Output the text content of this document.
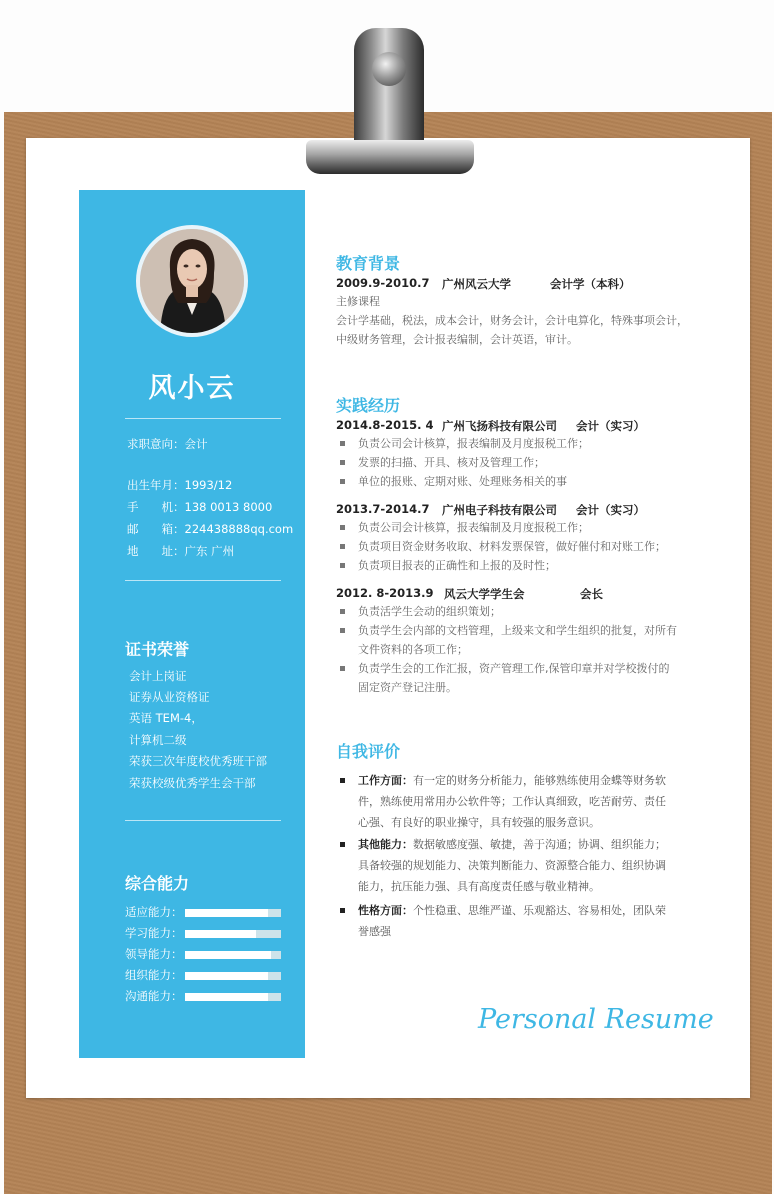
风小云
求职意向：会计
出生年月：1993/12
手　　机：138 0013 8000
邮　　箱：224438888qq.com
地　　址：广东 广州
证书荣誉
会计上岗证
证券从业资格证
英语 TEM-4，
计算机二级
荣获三次年度校优秀班干部
荣获校级优秀学生会干部
综合能力
适应能力：
学习能力：
领导能力：
组织能力：
沟通能力：
教育背景
2009.9-2010.7 广州风云大学	会计学（本科）
主修课程
会计学基础，税法，成本会计，财务会计，会计电算化，特殊事项会计，
中级财务管理，会计报表编制，会计英语，审计。
实践经历
2014.8-2015. 4 广州飞扬科技有限公司 会计（实习）
负责公司会计核算，报表编制及月度报税工作；
发票的扫描、开具、核对及管理工作；
单位的报账、定期对账、处理账务相关的事
2013.7-2014.7 广州电子科技有限公司 会计（实习）
负责公司会计核算，报表编制及月度报税工作；
负责项目资金财务收取、材料发票保管，做好催付和对账工作；
负责项目报表的正确性和上报的及时性；
2012. 8-2013.9 风云大学学生会	会长
负责活学生会动的组织策划；
负责学生会内部的文档管理，上级来文和学生组织的批复，对所有
文件资料的各项工作；
负责学生会的工作汇报，资产管理工作,保管印章并对学校拨付的
固定资产登记注册。
自我评价
工作方面：有一定的财务分析能力，能够熟练使用金蝶等财务软件，熟练使用常用办公软件等；工作认真细致，吃苦耐劳、责任心强、有良好的职业操守，具有较强的服务意识。
其他能力：数据敏感度强、敏捷，善于沟通；协调、组织能力；具备较强的规划能力、决策判断能力、资源整合能力、组织协调能力，抗压能力强、具有高度责任感与敬业精神。
性格方面：个性稳重、思维严谨、乐观豁达、容易相处，团队荣誉感强
Personal Resume
